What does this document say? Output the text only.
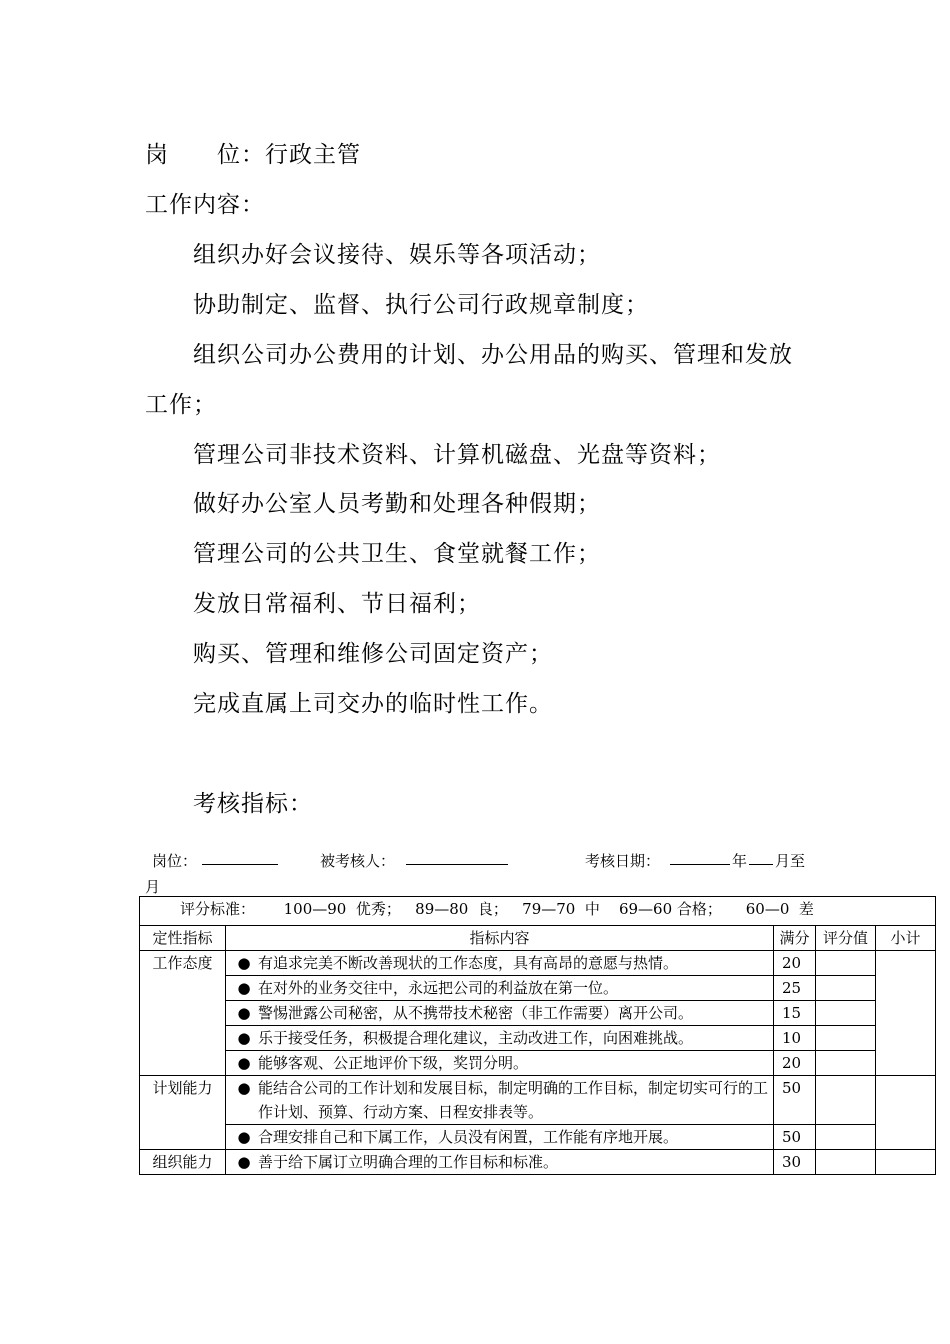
岗 位：行政主管
工作内容：
组织办好会议接待、娱乐等各项活动；
协助制定、监督、执行公司行政规章制度；
组织公司办公费用的计划、办公用品的购买、管理和发放
工作；
管理公司非技术资料、计算机磁盘、光盘等资料；
做好办公室人员考勤和处理各种假期；
管理公司的公共卫生、食堂就餐工作；
发放日常福利、节日福利；
购买、管理和维修公司固定资产；
完成直属上司交办的临时性工作。
考核指标：
岗位：	被考核人：	考核日期：	年 月至
月
评分标准：      100—90  优秀；   89—80  良；   79—70  中    69—60 合格；     60—0  差				
定性指标	指标内容	满分	评分值	小计
工作态度	● 有追求完美不断改善现状的工作态度，具有高昂的意愿与热情。	20		

	● 在对外的业务交往中，永远把公司的利益放在第一位。	25		

	● 警惕泄露公司秘密，从不携带技术秘密（非工作需要）离开公司。	15		

	● 乐于接受任务，积极提合理化建议，主动改进工作，向困难挑战。	10		

	● 能够客观、公正地评价下级，奖罚分明。	20		
计划能力	● 能结合公司的工作计划和发展目标，制定明确的工作目标，制定切实可行的工作计划、预算、行动方案、日程安排表等。	50		

	● 合理安排自己和下属工作，人员没有闲置，工作能有序地开展。	50		
组织能力	● 善于给下属订立明确合理的工作目标和标准。	30		
